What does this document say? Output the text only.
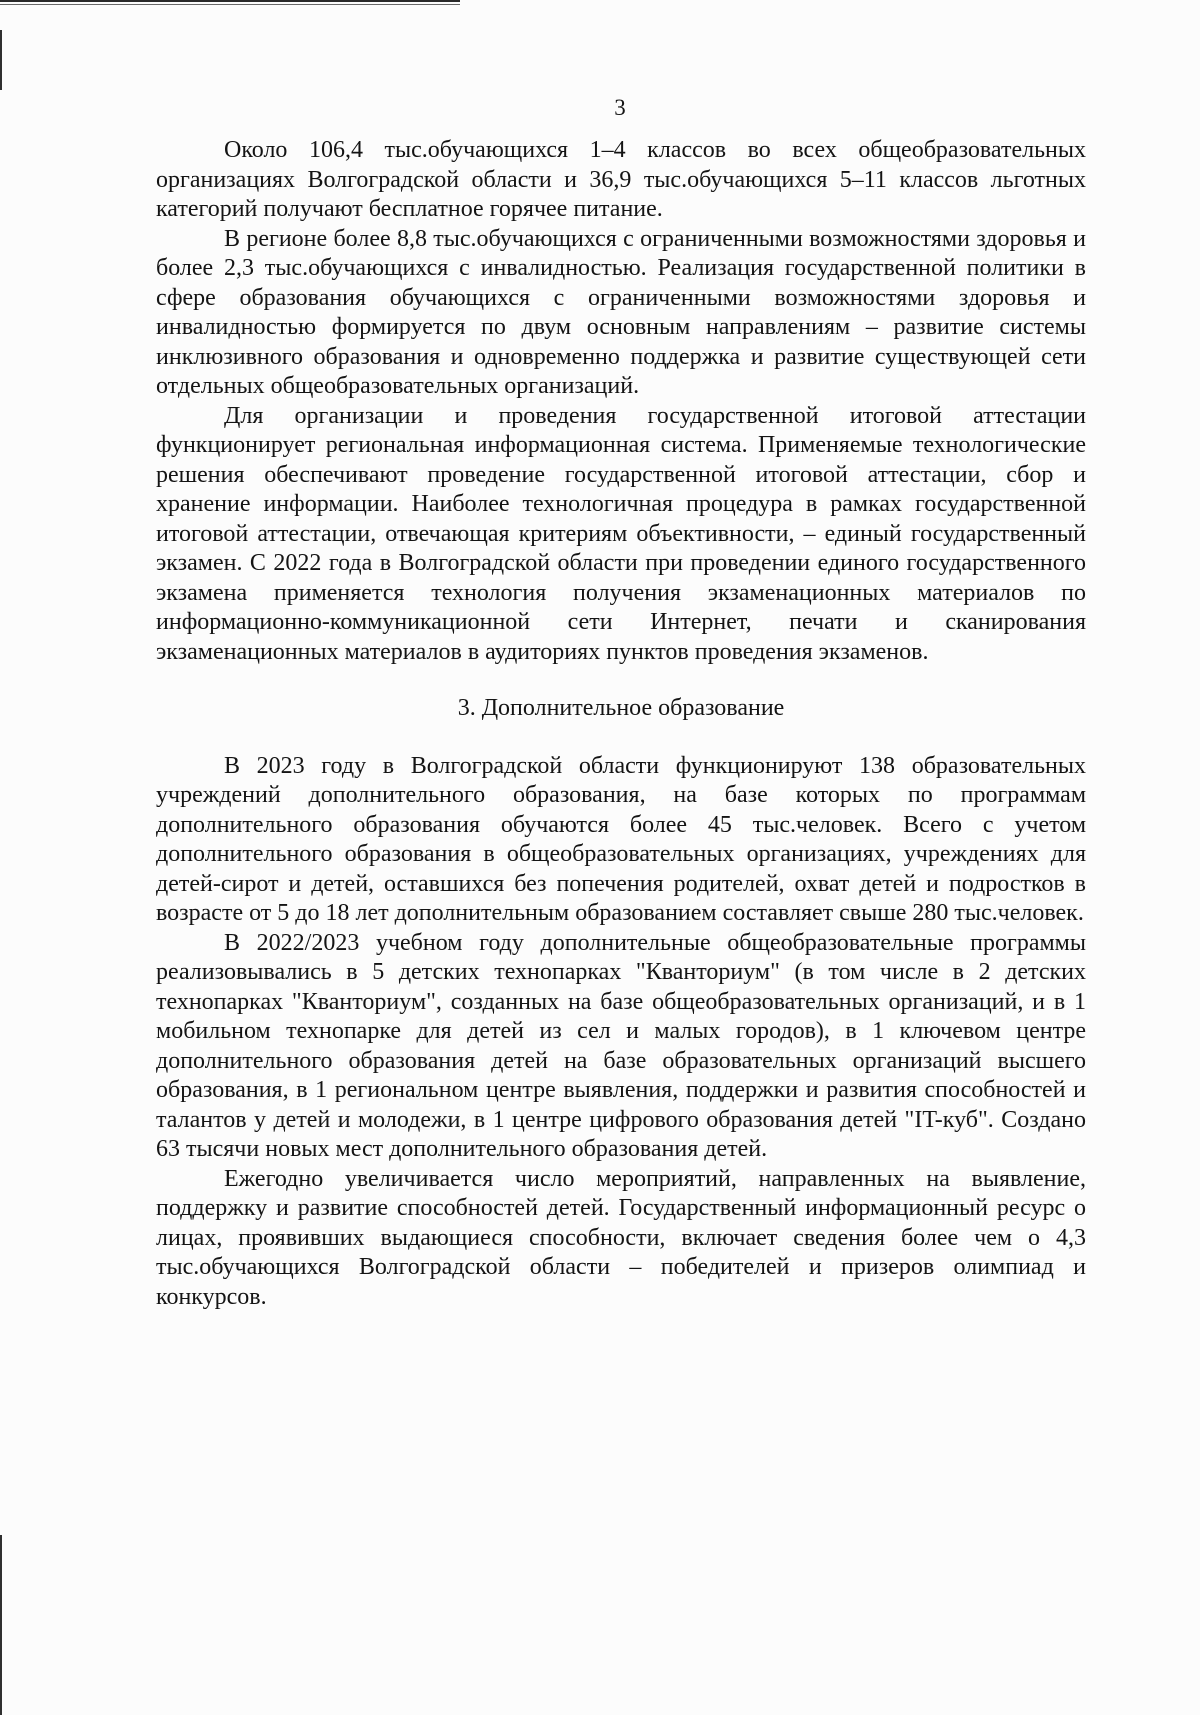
3

Около 106,4 тыс.обучающихся 1–4 классов во всех общеобразовательных организациях Волгоградской области и 36,9 тыс.обучающихся 5–11 классов льготных категорий получают бесплатное горячее питание.

В регионе более 8,8 тыс.обучающихся с ограниченными возможностями здоровья и более 2,3 тыс.обучающихся с инвалидностью. Реализация государственной политики в сфере образования обучающихся с ограниченными возможностями здоровья и инвалидностью формируется по двум основным направлениям – развитие системы инклюзивного образования и одновременно поддержка и развитие существующей сети отдельных общеобразовательных организаций.

Для организации и проведения государственной итоговой аттестации функционирует региональная информационная система. Применяемые технологические решения обеспечивают проведение государственной итоговой аттестации, сбор и хранение информации. Наиболее технологичная процедура в рамках государственной итоговой аттестации, отвечающая критериям объективности, – единый государственный экзамен. С 2022 года в Волгоградской области при проведении единого государственного экзамена применяется технология получения экзаменационных материалов по информационно-коммуникационной сети Интернет, печати и сканирования экзаменационных материалов в аудиториях пунктов проведения экзаменов.

3. Дополнительное образование

В 2023 году в Волгоградской области функционируют 138 образовательных учреждений дополнительного образования, на базе которых по программам дополнительного образования обучаются более 45 тыс.человек. Всего с учетом дополнительного образования в общеобразовательных организациях, учреждениях для детей-сирот и детей, оставшихся без попечения родителей, охват детей и подростков в возрасте от 5 до 18 лет дополнительным образованием составляет свыше 280 тыс.человек.

В 2022/2023 учебном году дополнительные общеобразовательные программы реализовывались в 5 детских технопарках "Кванториум" (в том числе в 2 детских технопарках "Кванториум", созданных на базе общеобразовательных организаций, и в 1 мобильном технопарке для детей из сел и малых городов), в 1 ключевом центре дополнительного образования детей на базе образовательных организаций высшего образования, в 1 региональном центре выявления, поддержки и развития способностей и талантов у детей и молодежи, в 1 центре цифрового образования детей "IT-куб". Создано 63 тысячи новых мест дополнительного образования детей.

Ежегодно увеличивается число мероприятий, направленных на выявление, поддержку и развитие способностей детей. Государственный информационный ресурс о лицах, проявивших выдающиеся способности, включает сведения более чем о 4,3 тыс.обучающихся Волгоградской области – победителей и призеров олимпиад и конкурсов.
